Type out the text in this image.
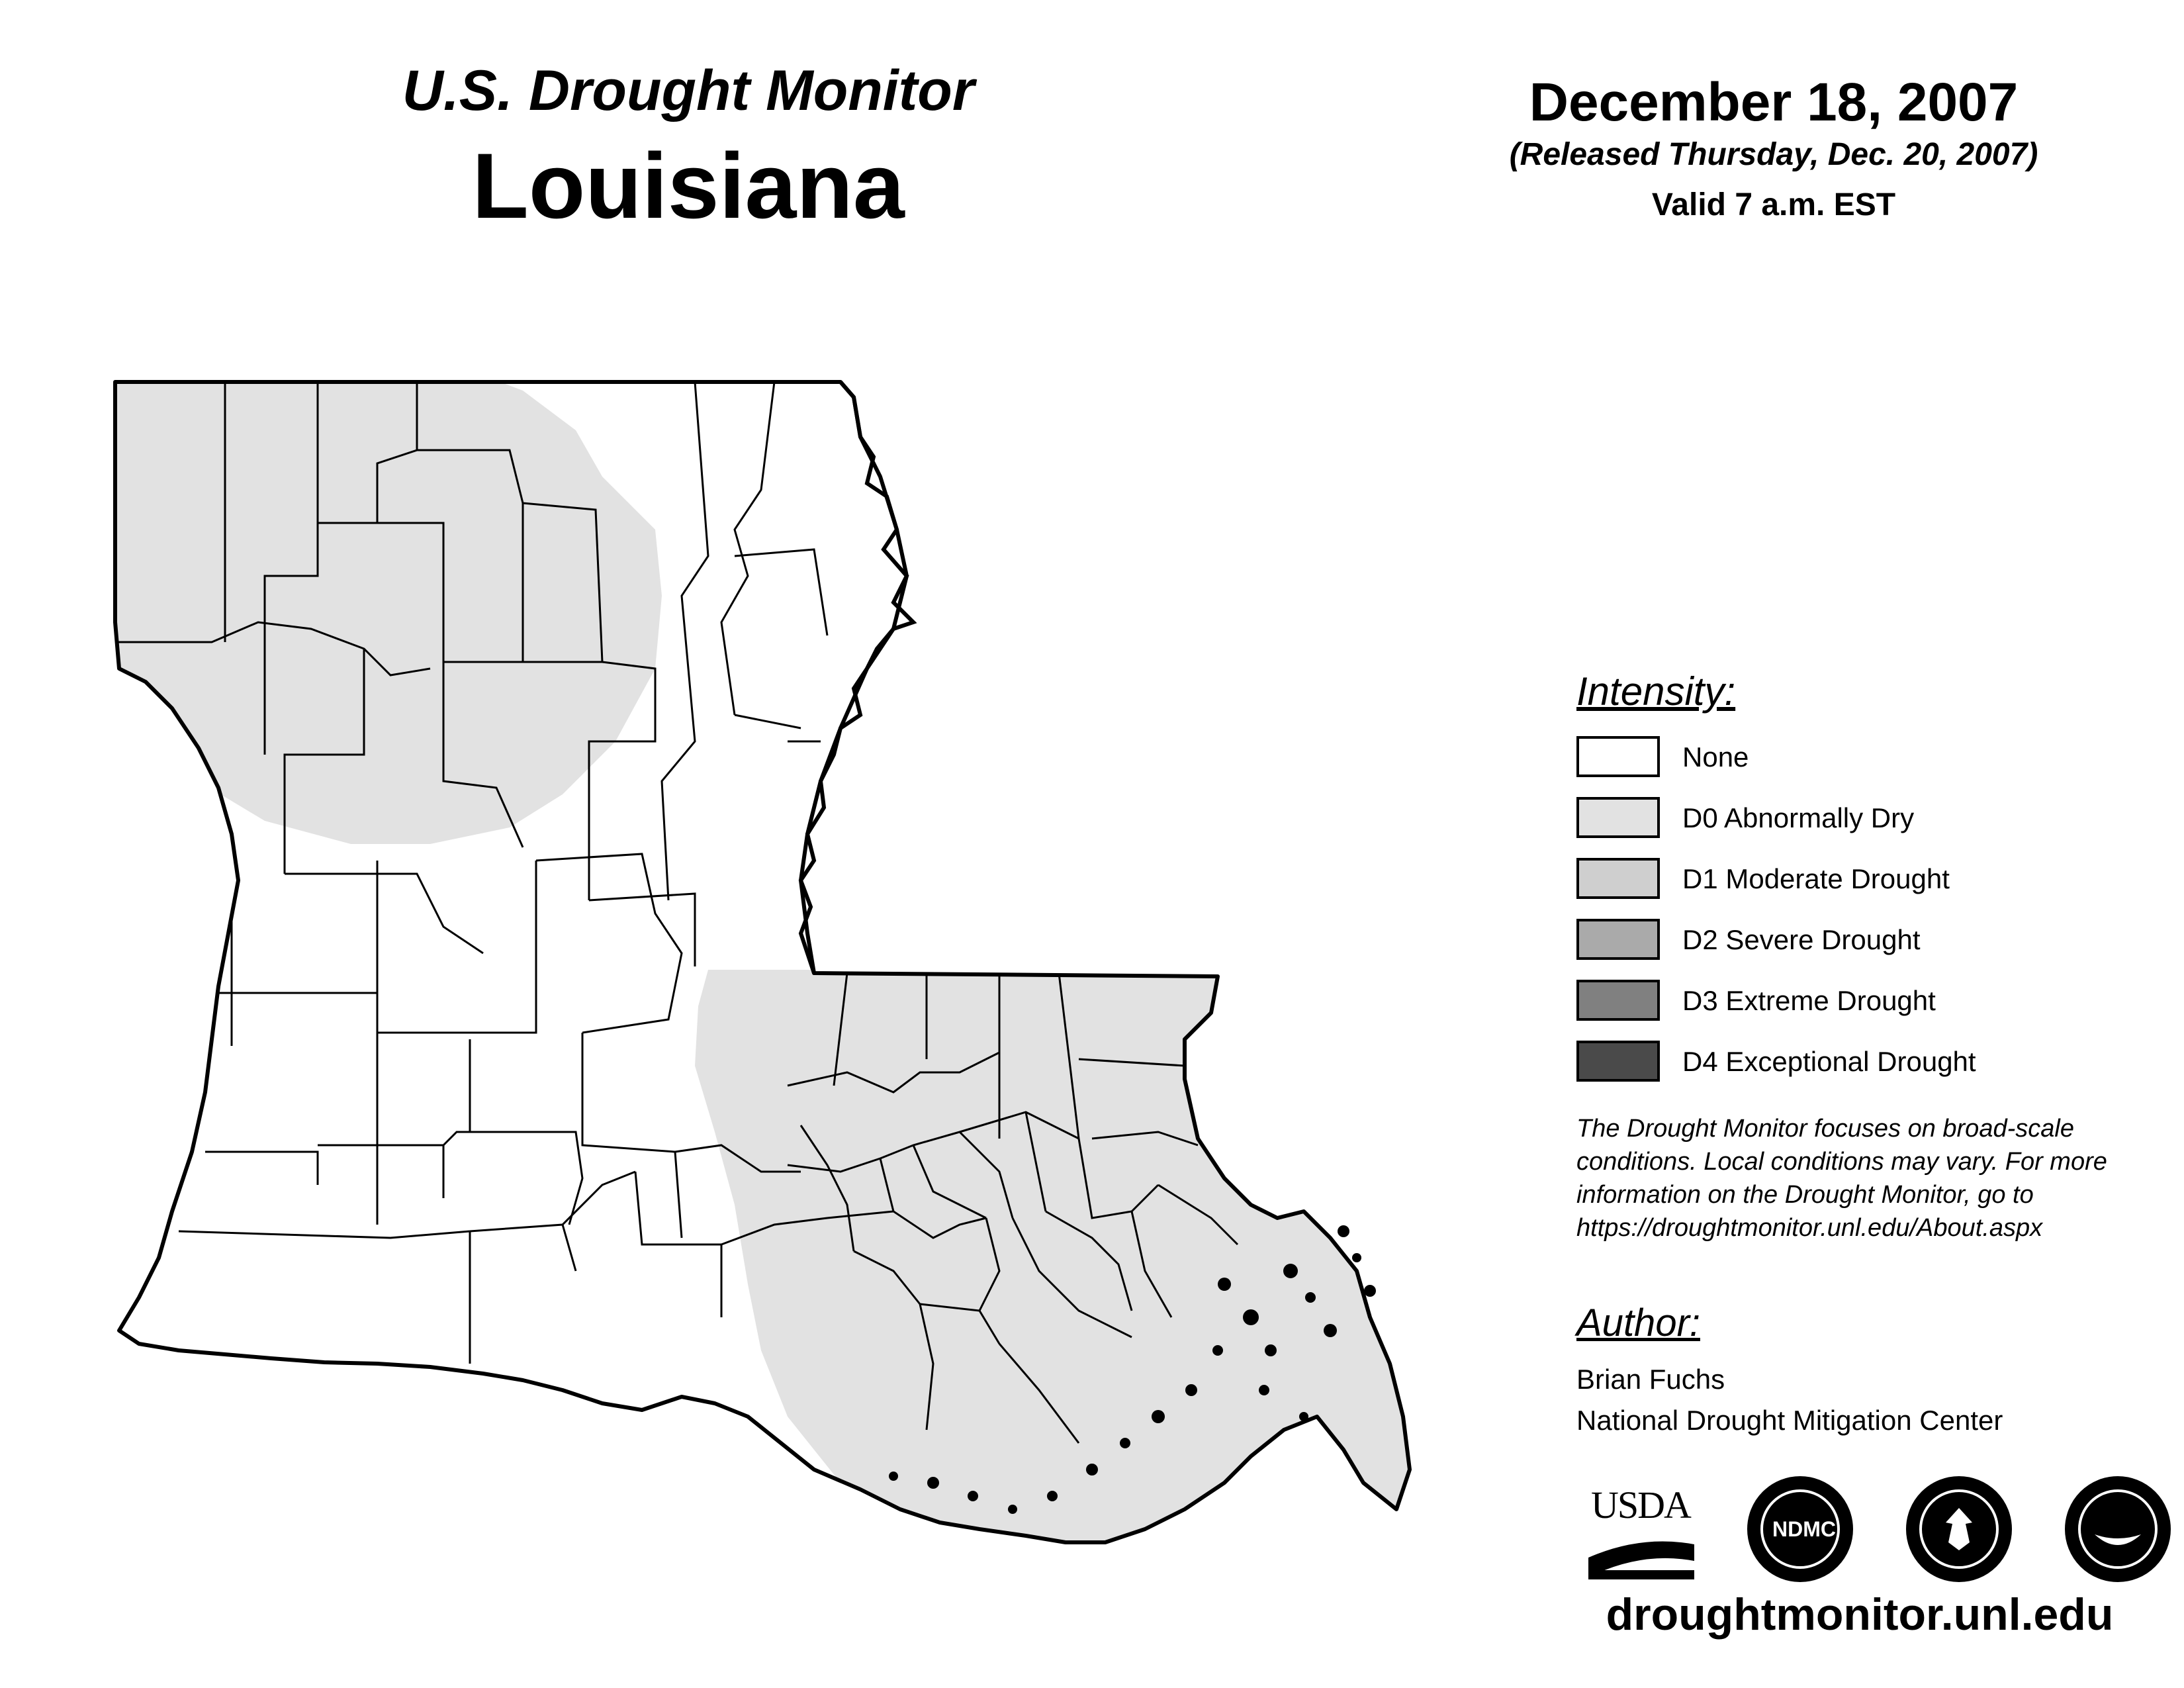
U.S. Drought Monitor
Louisiana
December 18, 2007
(Released Thursday, Dec. 20, 2007)
Valid 7 a.m. EST
Intensity:
None
D0 Abnormally Dry
D1 Moderate Drought
D2 Severe Drought
D3 Extreme Drought
D4 Exceptional Drought
The Drought Monitor focuses on broad-scale conditions. Local conditions may vary. For more information on the Drought Monitor, go to https://droughtmonitor.unl.edu/About.aspx
Author:
Brian Fuchs
National Drought Mitigation Center
USDA
NDMC
droughtmonitor.unl.edu
